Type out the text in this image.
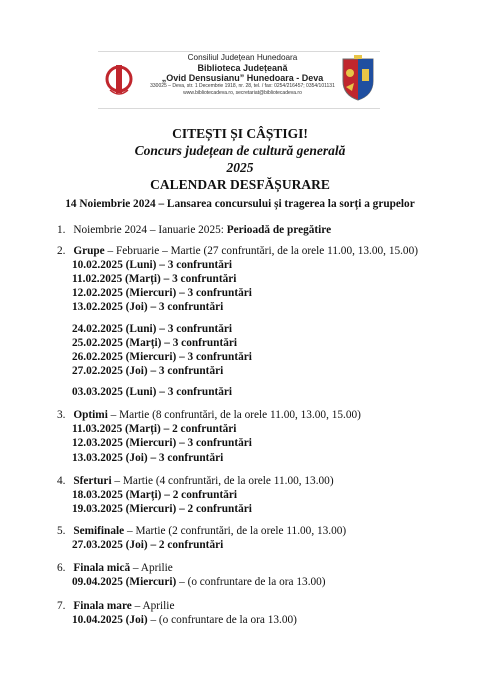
Consiliul Județean Hunedoara
Biblioteca Județeană
„Ovid Densusianu” Hunedoara - Deva
330025 – Deva, str. 1 Decembrie 1918, nr. 28, tel. / fax: 0254/216457; 0354/101131
www.bibliotecadeva.ro, secretariat@bibliotecadeva.ro
CITEȘTI ȘI CÂȘTIGI!
Concurs județean de cultură generală
2025
CALENDAR DESFĂȘURARE
14 Noiembrie 2024 – Lansarea concursului și tragerea la sorți a grupelor
1. Noiembrie 2024 – Ianuarie 2025: Perioadă de pregătire
2. Grupe – Februarie – Martie (27 confruntări, de la orele 11.00, 13.00, 15.00)
10.02.2025 (Luni) – 3 confruntări
11.02.2025 (Marți) – 3 confruntări
12.02.2025 (Miercuri) – 3 confruntări
13.02.2025 (Joi) – 3 confruntări
24.02.2025 (Luni) – 3 confruntări
25.02.2025 (Marți) – 3 confruntări
26.02.2025 (Miercuri) – 3 confruntări
27.02.2025 (Joi) – 3 confruntări
03.03.2025 (Luni) – 3 confruntări
3. Optimi – Martie (8 confruntări, de la orele 11.00, 13.00, 15.00)
11.03.2025 (Marți) – 2 confruntări
12.03.2025 (Miercuri) – 3 confruntări
13.03.2025 (Joi) – 3 confruntări
4. Sferturi – Martie (4 confruntări, de la orele 11.00, 13.00)
18.03.2025 (Marți) – 2 confruntări
19.03.2025 (Miercuri) – 2 confruntări
5. Semifinale – Martie (2 confruntări, de la orele 11.00, 13.00)
27.03.2025 (Joi) – 2 confruntări
6. Finala mică – Aprilie
09.04.2025 (Miercuri) – (o confruntare de la ora 13.00)
7. Finala mare – Aprilie
10.04.2025 (Joi) – (o confruntare de la ora 13.00)
